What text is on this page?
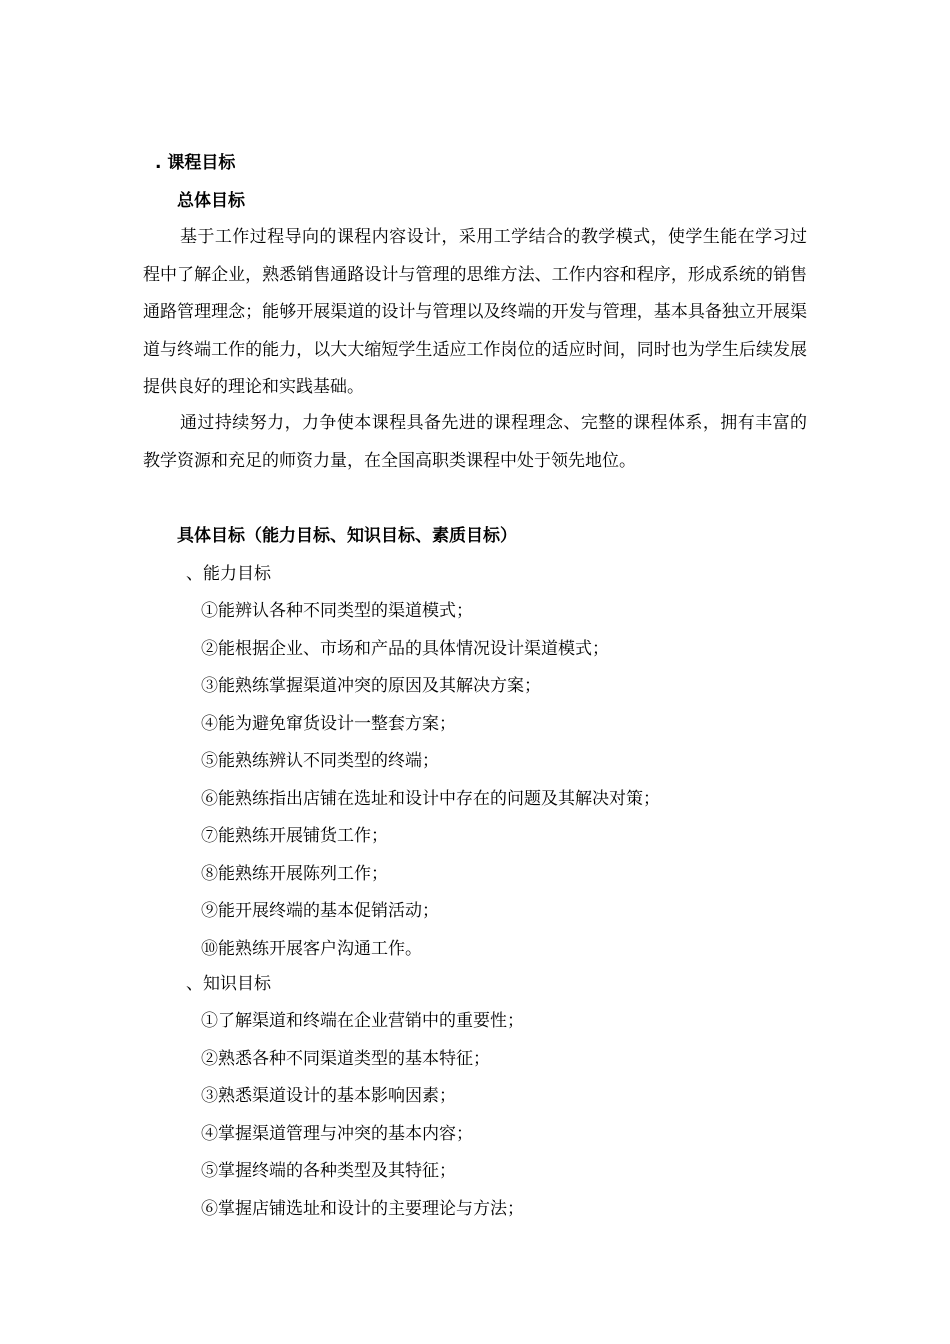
. 课程目标
总体目标
基于工作过程导向的课程内容设计，采用工学结合的教学模式，使学生能在学习过程中了解企业，熟悉销售通路设计与管理的思维方法、工作内容和程序，形成系统的销售通路管理理念；能够开展渠道的设计与管理以及终端的开发与管理，基本具备独立开展渠道与终端工作的能力，以大大缩短学生适应工作岗位的适应时间，同时也为学生后续发展提供良好的理论和实践基础。
通过持续努力，力争使本课程具备先进的课程理念、完整的课程体系，拥有丰富的教学资源和充足的师资力量，在全国高职类课程中处于领先地位。
具体目标（能力目标、知识目标、素质目标）
、能力目标
①能辨认各种不同类型的渠道模式；
②能根据企业、市场和产品的具体情况设计渠道模式；
③能熟练掌握渠道冲突的原因及其解决方案；
④能为避免窜货设计一整套方案；
⑤能熟练辨认不同类型的终端；
⑥能熟练指出店铺在选址和设计中存在的问题及其解决对策；
⑦能熟练开展铺货工作；
⑧能熟练开展陈列工作；
⑨能开展终端的基本促销活动；
⑩能熟练开展客户沟通工作。
、知识目标
①了解渠道和终端在企业营销中的重要性；
②熟悉各种不同渠道类型的基本特征；
③熟悉渠道设计的基本影响因素；
④掌握渠道管理与冲突的基本内容；
⑤掌握终端的各种类型及其特征；
⑥掌握店铺选址和设计的主要理论与方法；
